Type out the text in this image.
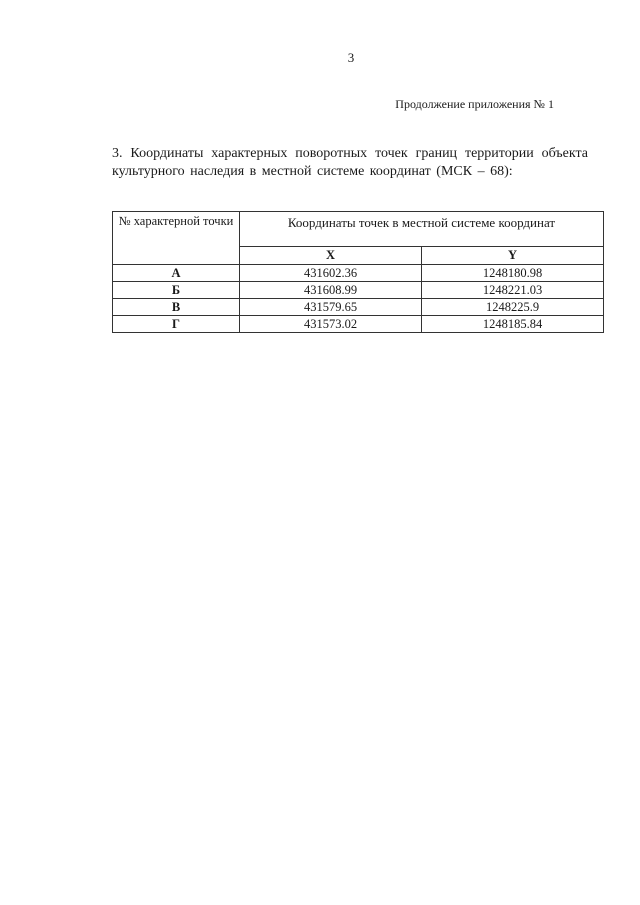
3
Продолжение приложения № 1
3. Координаты характерных поворотных точек границ территории объекта
культурного наследия в местной системе координат (МСК – 68):
№ характерной точки	Координаты точек в местной системе координат	
	X	Y
А	431602.36	1248180.98
Б	431608.99	1248221.03
В	431579.65	1248225.9
Г	431573.02	1248185.84
